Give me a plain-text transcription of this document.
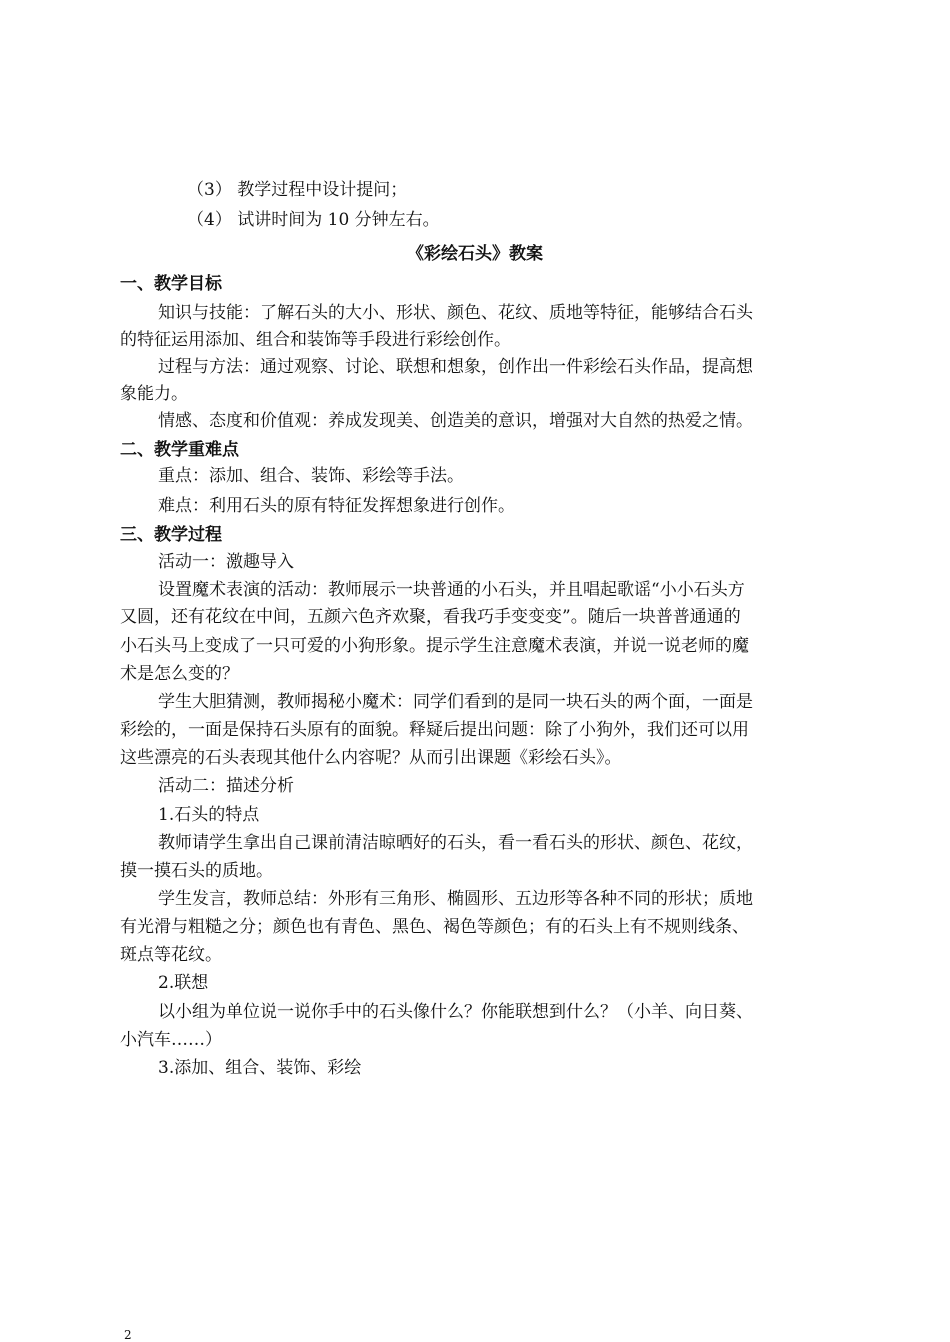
（3） 教学过程中设计提问；
（4） 试讲时间为 10 分钟左右。
《彩绘石头》教案
一、教学目标
知识与技能：了解石头的大小、形状、颜色、花纹、质地等特征，能够结合石头
的特征运用添加、组合和装饰等手段进行彩绘创作。
过程与方法：通过观察、讨论、联想和想象，创作出一件彩绘石头作品，提高想
象能力。
情感、态度和价值观：养成发现美、创造美的意识，增强对大自然的热爱之情。
二、教学重难点
重点：添加、组合、装饰、彩绘等手法。
难点：利用石头的原有特征发挥想象进行创作。
三、教学过程
活动一：激趣导入
设置魔术表演的活动：教师展示一块普通的小石头，并且唱起歌谣“小小石头方
又圆，还有花纹在中间，五颜六色齐欢聚，看我巧手变变变”。随后一块普普通通的
小石头马上变成了一只可爱的小狗形象。提示学生注意魔术表演，并说一说老师的魔
术是怎么变的？
学生大胆猜测，教师揭秘小魔术：同学们看到的是同一块石头的两个面，一面是
彩绘的，一面是保持石头原有的面貌。释疑后提出问题：除了小狗外，我们还可以用
这些漂亮的石头表现其他什么内容呢？从而引出课题《彩绘石头》。
活动二：描述分析
1.石头的特点
教师请学生拿出自己课前清洁晾晒好的石头，看一看石头的形状、颜色、花纹，
摸一摸石头的质地。
学生发言，教师总结：外形有三角形、椭圆形、五边形等各种不同的形状；质地
有光滑与粗糙之分；颜色也有青色、黑色、褐色等颜色；有的石头上有不规则线条、
斑点等花纹。
2.联想
以小组为单位说一说你手中的石头像什么？你能联想到什么？（小羊、向日葵、
小汽车……）
3.添加、组合、装饰、彩绘
2
